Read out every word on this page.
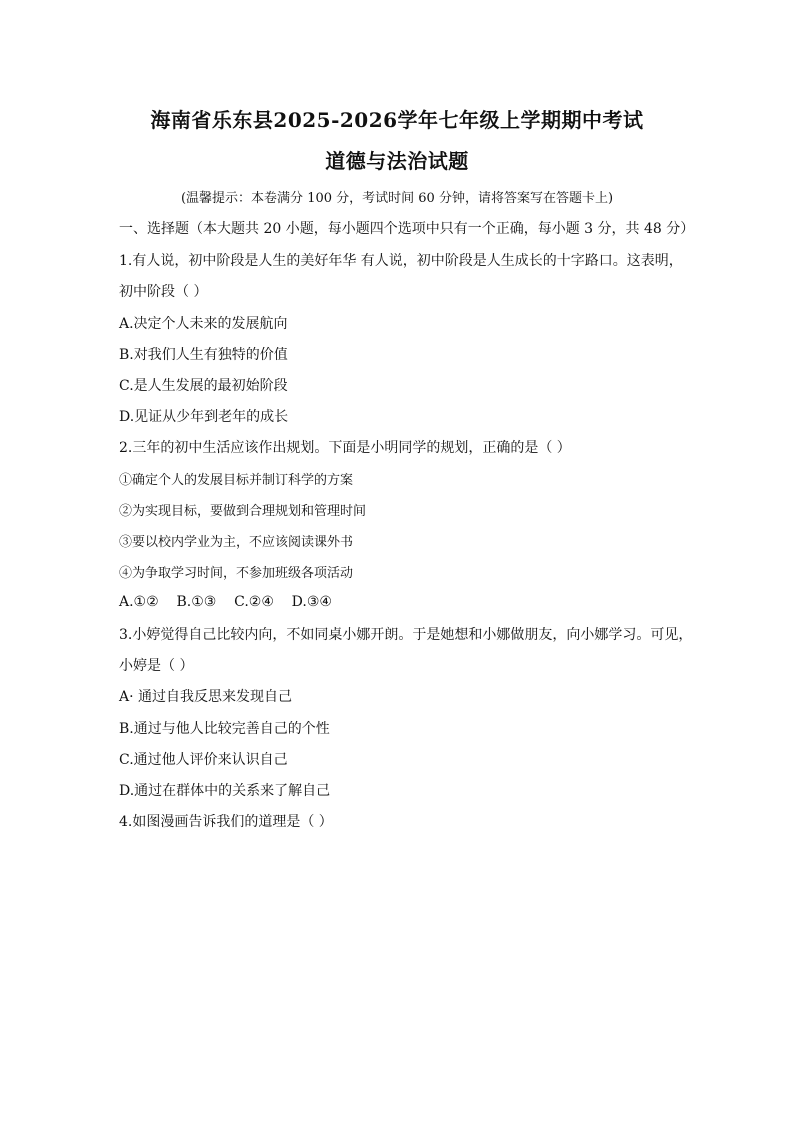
海南省乐东县2025-2026学年七年级上学期期中考试
道德与法治试题
(温馨提示：本卷满分 100 分，考试时间 60 分钟，请将答案写在答题卡上)
一、选择题（本大题共 20 小题，每小题四个选项中只有一个正确，每小题 3 分，共 48 分）
1.有人说，初中阶段是人生的美好年华 有人说，初中阶段是人生成长的十字路口。这表明，
初中阶段（ ）
A.决定个人未来的发展航向
B.对我们人生有独特的价值
C.是人生发展的最初始阶段
D.见证从少年到老年的成长
2.三年的初中生活应该作出规划。下面是小明同学的规划，正确的是（ ）
①确定个人的发展目标并制订科学的方案
②为实现目标，要做到合理规划和管理时间
③要以校内学业为主，不应该阅读课外书
④为争取学习时间，不参加班级各项活动
A.①②    B.①③    C.②④    D.③④
3.小婷觉得自己比较内向，不如同桌小娜开朗。于是她想和小娜做朋友，向小娜学习。可见，
小婷是（ ）
A· 通过自我反思来发现自己
B.通过与他人比较完善自己的个性
C.通过他人评价来认识自己
D.通过在群体中的关系来了解自己
4.如图漫画告诉我们的道理是（ ）
